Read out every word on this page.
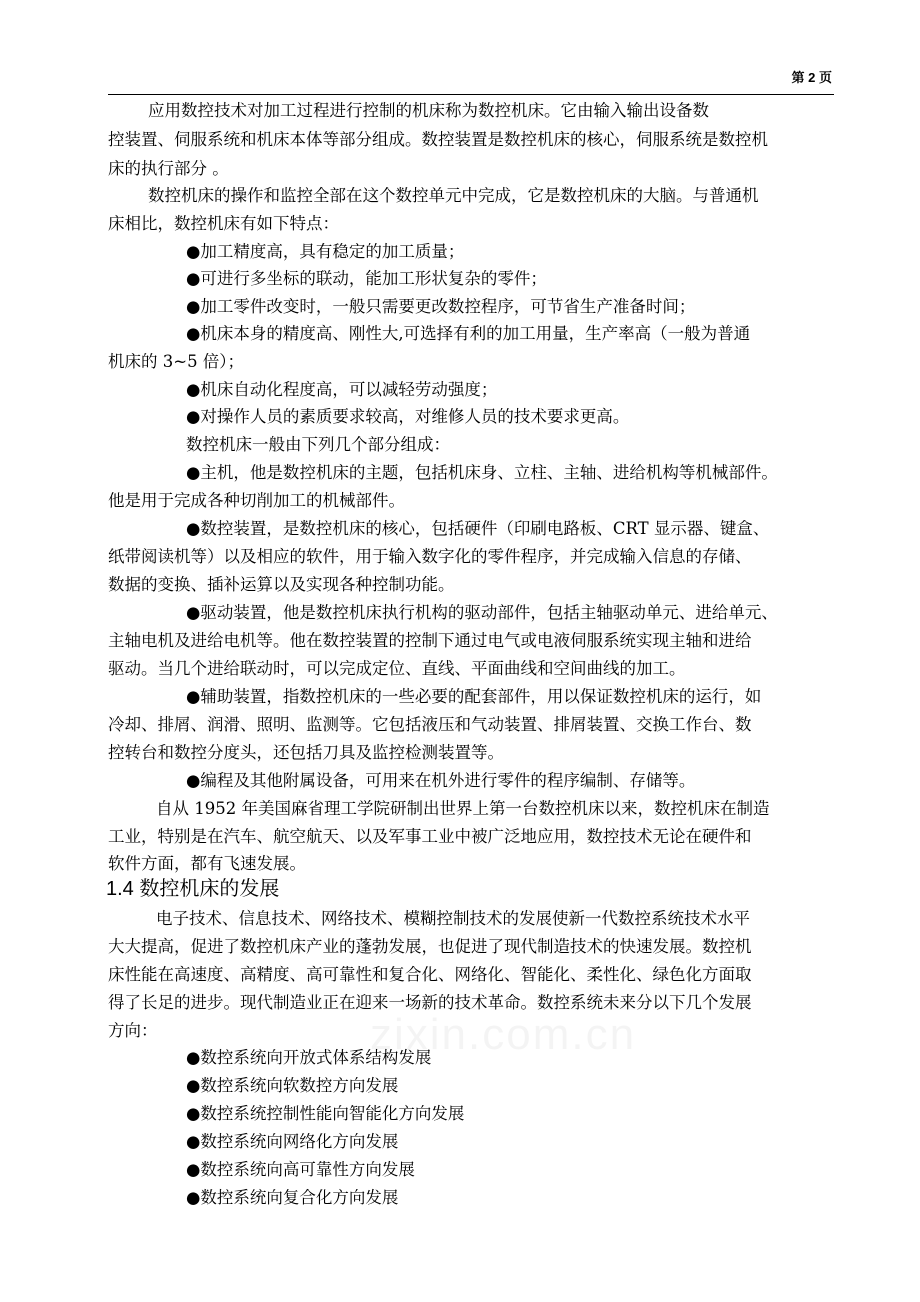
第 2 页
应用数控技术对加工过程进行控制的机床称为数控机床。它由输入输出设备数
控装置、伺服系统和机床本体等部分组成。数控装置是数控机床的核心，伺服系统是数控机
床的执行部分 。
数控机床的操作和监控全部在这个数控单元中完成，它是数控机床的大脑。与普通机
床相比，数控机床有如下特点：
●加工精度高，具有稳定的加工质量；
●可进行多坐标的联动，能加工形状复杂的零件；
●加工零件改变时，一般只需要更改数控程序，可节省生产准备时间；
●机床本身的精度高、刚性大,可选择有利的加工用量，生产率高（一般为普通
机床的 3~5 倍）；
●机床自动化程度高，可以减轻劳动强度；
●对操作人员的素质要求较高，对维修人员的技术要求更高。
数控机床一般由下列几个部分组成：
●主机，他是数控机床的主题，包括机床身、立柱、主轴、进给机构等机械部件。
他是用于完成各种切削加工的机械部件。
●数控装置，是数控机床的核心，包括硬件（印刷电路板、CRT 显示器、键盒、
纸带阅读机等）以及相应的软件，用于输入数字化的零件程序，并完成输入信息的存储、
数据的变换、插补运算以及实现各种控制功能。
●驱动装置，他是数控机床执行机构的驱动部件，包括主轴驱动单元、进给单元、
主轴电机及进给电机等。他在数控装置的控制下通过电气或电液伺服系统实现主轴和进给
驱动。当几个进给联动时，可以完成定位、直线、平面曲线和空间曲线的加工。
●辅助装置，指数控机床的一些必要的配套部件，用以保证数控机床的运行，如
冷却、排屑、润滑、照明、监测等。它包括液压和气动装置、排屑装置、交换工作台、数
控转台和数控分度头，还包括刀具及监控检测装置等。
●编程及其他附属设备，可用来在机外进行零件的程序编制、存储等。
自从 1952 年美国麻省理工学院研制出世界上第一台数控机床以来，数控机床在制造
工业，特别是在汽车、航空航天、以及军事工业中被广泛地应用，数控技术无论在硬件和
软件方面，都有飞速发展。
1.4 数控机床的发展
电子技术、信息技术、网络技术、模糊控制技术的发展使新一代数控系统技术水平
大大提高，促进了数控机床产业的蓬勃发展，也促进了现代制造技术的快速发展。数控机
床性能在高速度、高精度、高可靠性和复合化、网络化、智能化、柔性化、绿色化方面取
得了长足的进步。现代制造业正在迎来一场新的技术革命。数控系统未来分以下几个发展
方向：
●数控系统向开放式体系结构发展
●数控系统向软数控方向发展
●数控系统控制性能向智能化方向发展
●数控系统向网络化方向发展
●数控系统向高可靠性方向发展
●数控系统向复合化方向发展
